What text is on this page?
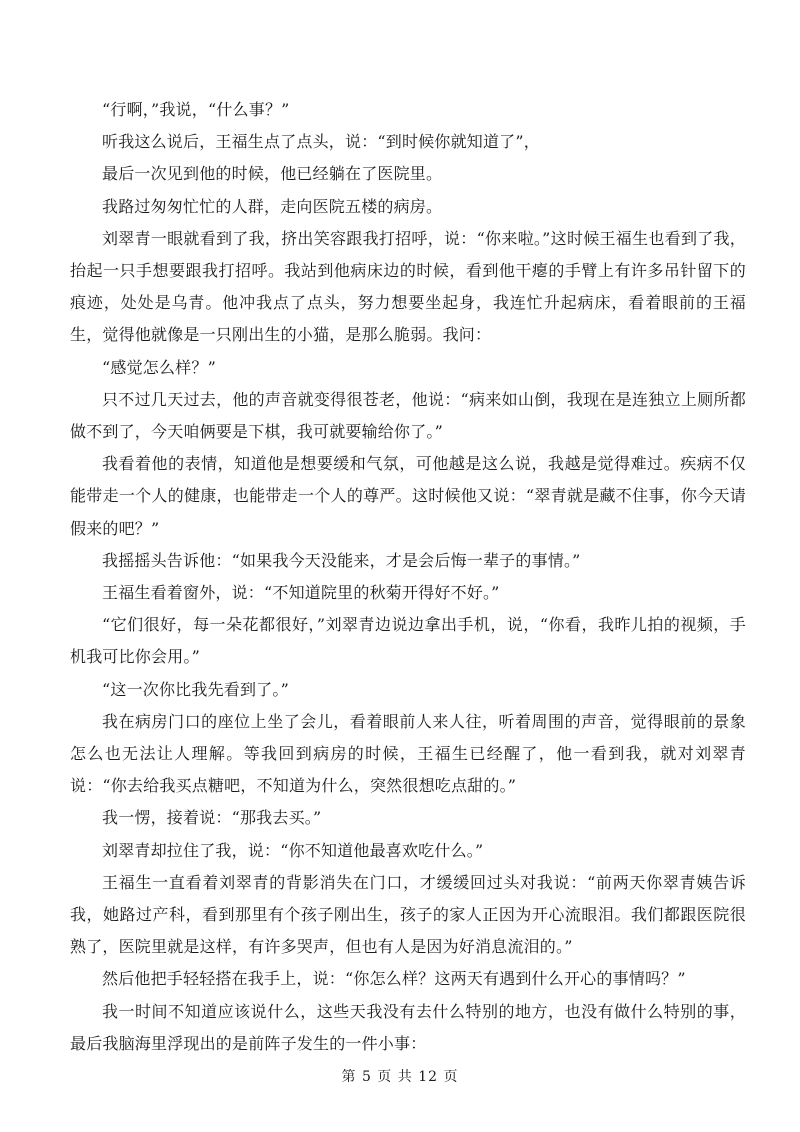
“行啊，”我说，“什么事？”

听我这么说后，王福生点了点头，说：“到时候你就知道了”，

最后一次见到他的时候，他已经躺在了医院里。

我路过匆匆忙忙的人群，走向医院五楼的病房。

刘翠青一眼就看到了我，挤出笑容跟我打招呼，说：“你来啦。”这时候王福生也看到了我，抬起一只手想要跟我打招呼。我站到他病床边的时候，看到他干瘪的手臂上有许多吊针留下的痕迹，处处是乌青。他冲我点了点头，努力想要坐起身，我连忙升起病床，看着眼前的王福生，觉得他就像是一只刚出生的小猫，是那么脆弱。我问：

“感觉怎么样？”

只不过几天过去，他的声音就变得很苍老，他说：“病来如山倒，我现在是连独立上厕所都做不到了，今天咱俩要是下棋，我可就要输给你了。”

我看着他的表情，知道他是想要缓和气氛，可他越是这么说，我越是觉得难过。疾病不仅能带走一个人的健康，也能带走一个人的尊严。这时候他又说：“翠青就是藏不住事，你今天请假来的吧？”

我摇摇头告诉他：“如果我今天没能来，才是会后悔一辈子的事情。”

王福生看着窗外，说：“不知道院里的秋菊开得好不好。”

“它们很好，每一朵花都很好，”刘翠青边说边拿出手机，说，“你看，我昨儿拍的视频，手机我可比你会用。”

“这一次你比我先看到了。”

我在病房门口的座位上坐了会儿，看着眼前人来人往，听着周围的声音，觉得眼前的景象怎么也无法让人理解。等我回到病房的时候，王福生已经醒了，他一看到我，就对刘翠青说：“你去给我买点糖吧，不知道为什么，突然很想吃点甜的。”

我一愣，接着说：“那我去买。”

刘翠青却拉住了我，说：“你不知道他最喜欢吃什么。”

王福生一直看着刘翠青的背影消失在门口，才缓缓回过头对我说：“前两天你翠青姨告诉我，她路过产科，看到那里有个孩子刚出生，孩子的家人正因为开心流眼泪。我们都跟医院很熟了，医院里就是这样，有许多哭声，但也有人是因为好消息流泪的。”

然后他把手轻轻搭在我手上，说：“你怎么样？这两天有遇到什么开心的事情吗？”

我一时间不知道应该说什么，这些天我没有去什么特别的地方，也没有做什么特别的事，最后我脑海里浮现出的是前阵子发生的一件小事：

第 5 页 共 12 页
